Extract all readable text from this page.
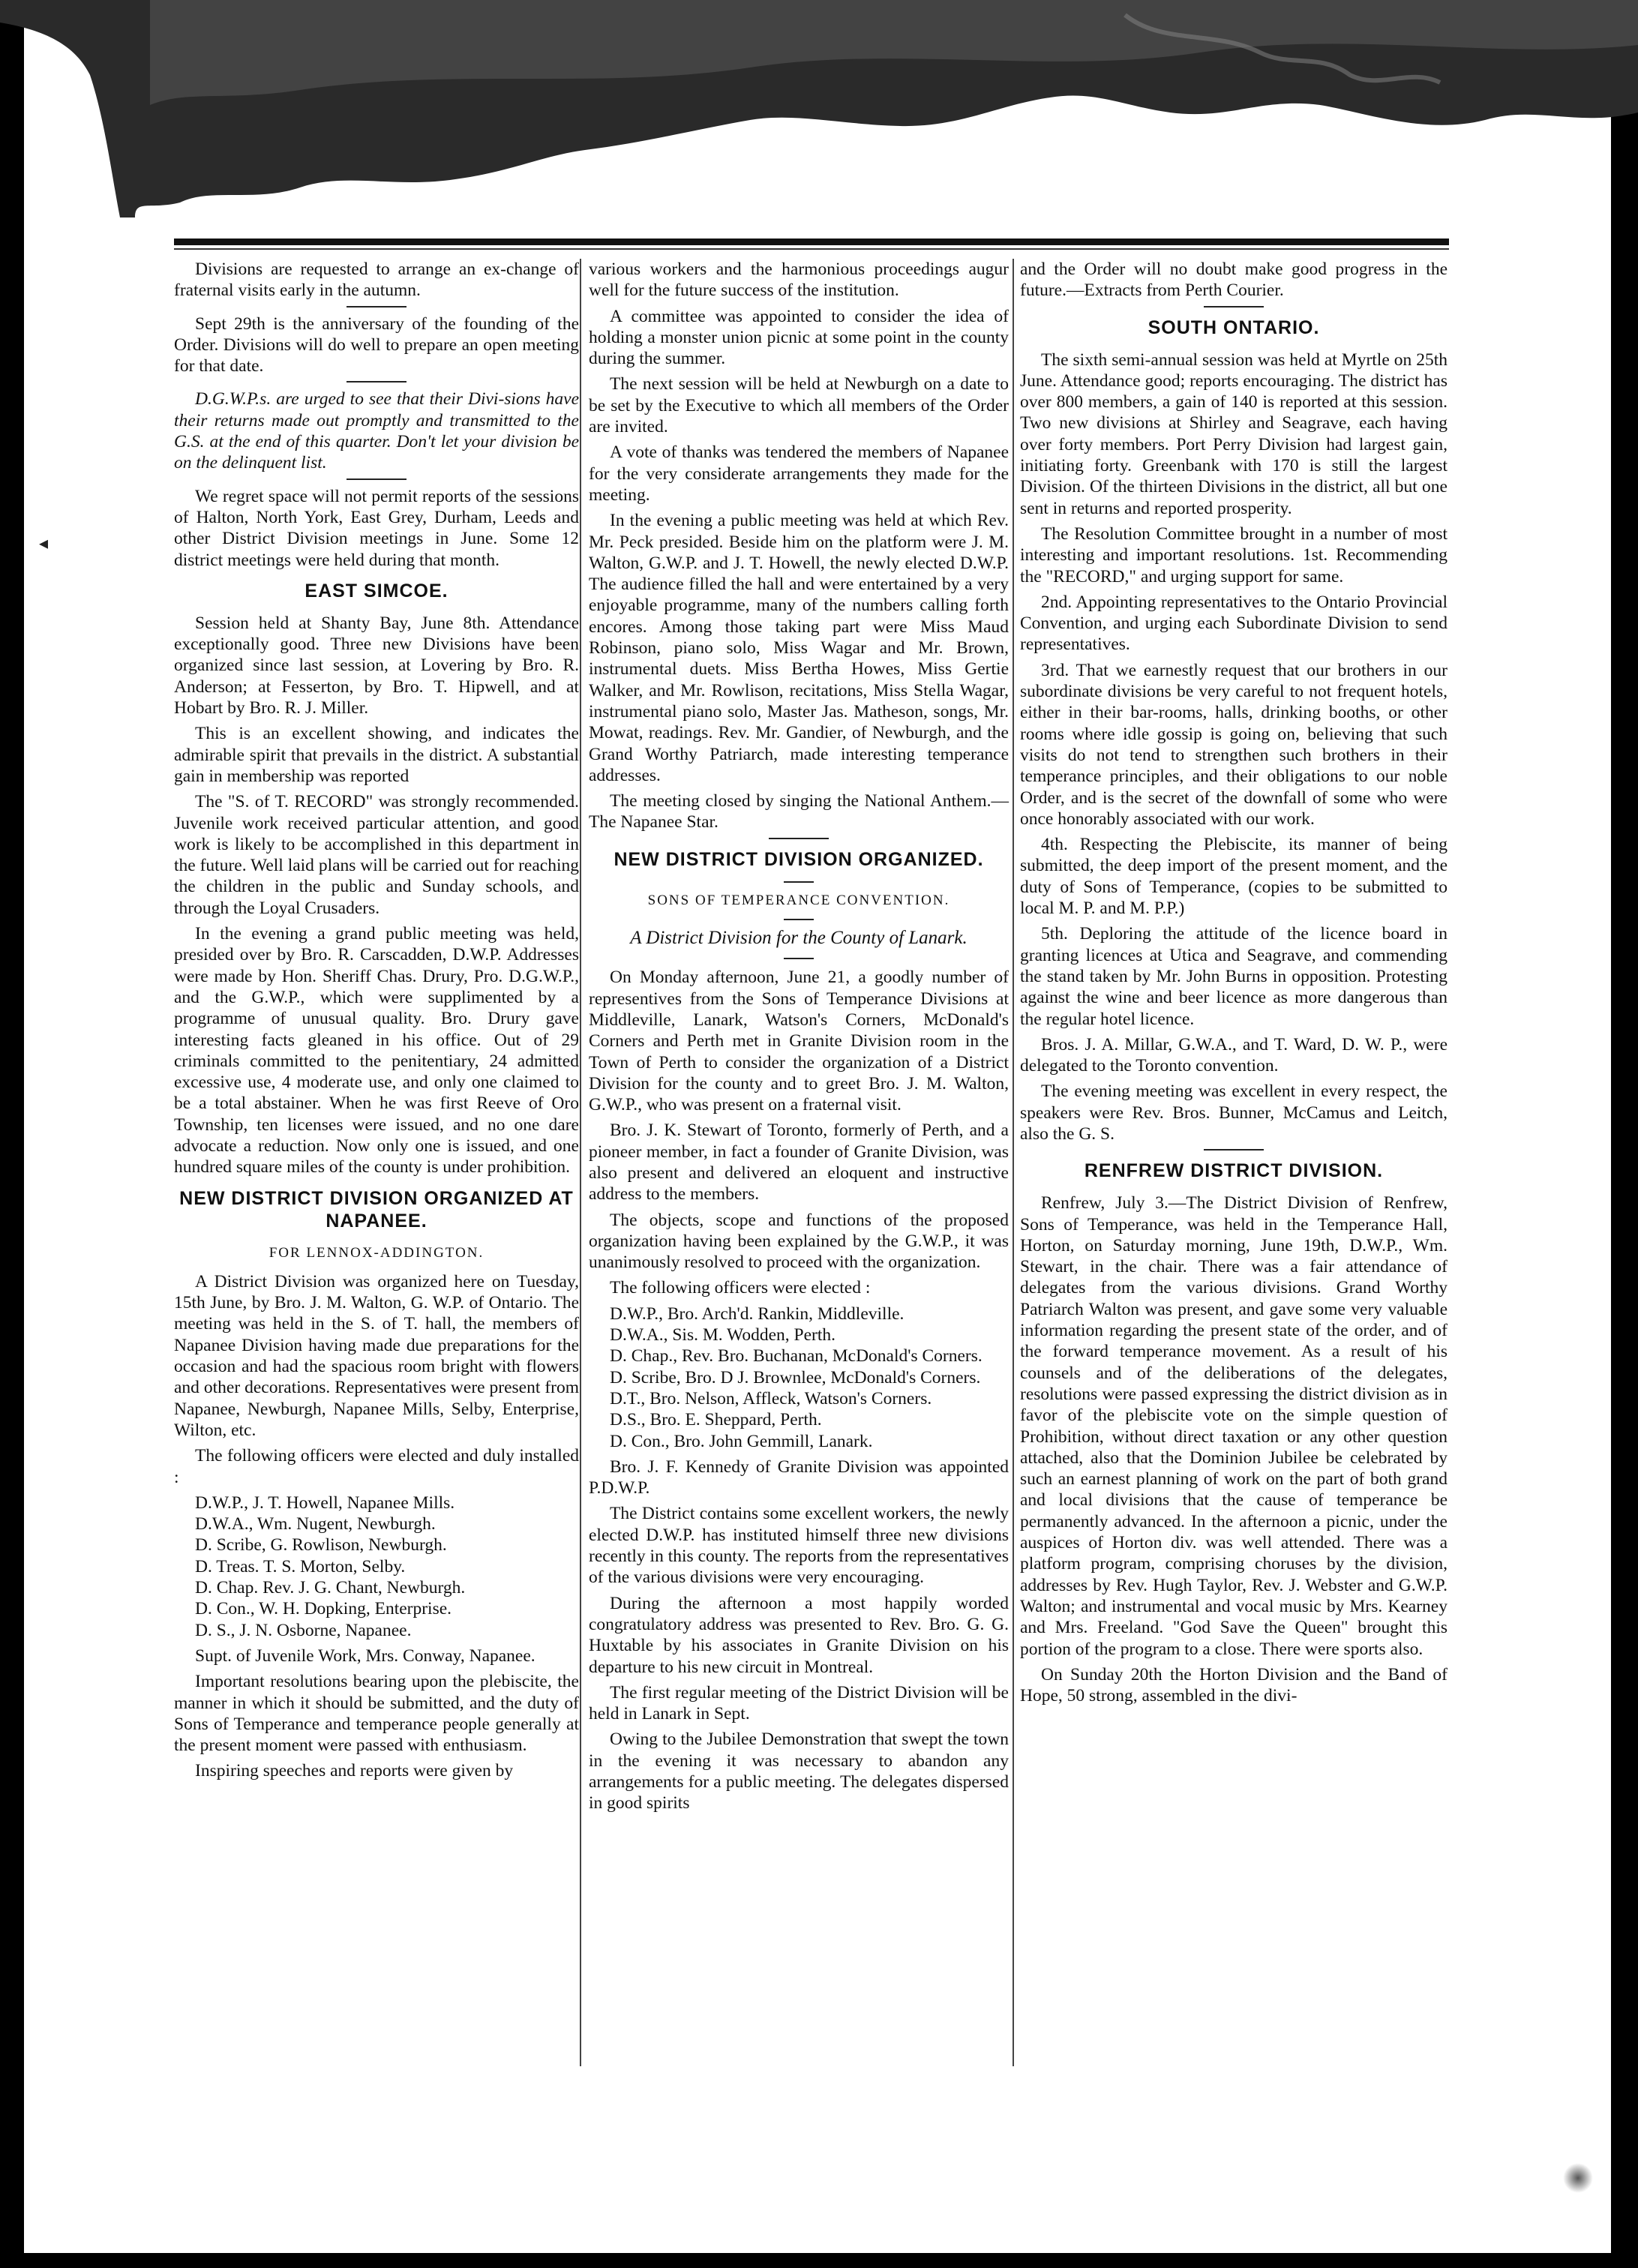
◂

Divisions are requested to arrange an ex-change of fraternal visits early in the autumn.

Sept 29th is the anniversary of the founding of the Order. Divisions will do well to prepare an open meeting for that date.

D.G.W.P.s. are urged to see that their Divi-sions have their returns made out promptly and transmitted to the G.S. at the end of this quarter. Don't let your division be on the delinquent list.

We regret space will not permit reports of the sessions of Halton, North York, East Grey, Durham, Leeds and other District Division meetings in June. Some 12 district meetings were held during that month.

EAST SIMCOE.

Session held at Shanty Bay, June 8th. Attendance exceptionally good. Three new Divisions have been organized since last session, at Lovering by Bro. R. Anderson; at Fesserton, by Bro. T. Hipwell, and at Hobart by Bro. R. J. Miller.

This is an excellent showing, and indicates the admirable spirit that prevails in the district. A substantial gain in membership was reported

The "S. of T. RECORD" was strongly recommended. Juvenile work received particular attention, and good work is likely to be accomplished in this department in the future. Well laid plans will be carried out for reaching the children in the public and Sunday schools, and through the Loyal Crusaders.

In the evening a grand public meeting was held, presided over by Bro. R. Carscadden, D.W.P. Addresses were made by Hon. Sheriff Chas. Drury, Pro. D.G.W.P., and the G.W.P., which were supplimented by a programme of unusual quality. Bro. Drury gave interesting facts gleaned in his office. Out of 29 criminals committed to the penitentiary, 24 admitted excessive use, 4 moderate use, and only one claimed to be a total abstainer. When he was first Reeve of Oro Township, ten licenses were issued, and no one dare advocate a reduction. Now only one is issued, and one hundred square miles of the county is under prohibition.

NEW DISTRICT DIVISION ORGANIZED AT NAPANEE.
FOR LENNOX-ADDINGTON.

A District Division was organized here on Tuesday, 15th June, by Bro. J. M. Walton, G. W.P. of Ontario. The meeting was held in the S. of T. hall, the members of Napanee Division having made due preparations for the occasion and had the spacious room bright with flowers and other decorations. Representatives were present from Napanee, Newburgh, Napanee Mills, Selby, Enterprise, Wilton, etc.

The following officers were elected and duly installed :

D.W.P., J. T. Howell, Napanee Mills.
D.W.A., Wm. Nugent, Newburgh.
D. Scribe, G. Rowlison, Newburgh.
D. Treas. T. S. Morton, Selby.
D. Chap. Rev. J. G. Chant, Newburgh.
D. Con., W. H. Dopking, Enterprise.
D. S., J. N. Osborne, Napanee.

Supt. of Juvenile Work, Mrs. Conway, Napanee.

Important resolutions bearing upon the plebiscite, the manner in which it should be submitted, and the duty of Sons of Temperance and temperance people generally at the present moment were passed with enthusiasm.

Inspiring speeches and reports were given by

various workers and the harmonious proceedings augur well for the future success of the institution.

A committee was appointed to consider the idea of holding a monster union picnic at some point in the county during the summer.

The next session will be held at Newburgh on a date to be set by the Executive to which all members of the Order are invited.

A vote of thanks was tendered the members of Napanee for the very considerate arrangements they made for the meeting.

In the evening a public meeting was held at which Rev. Mr. Peck presided. Beside him on the platform were J. M. Walton, G.W.P. and J. T. Howell, the newly elected D.W.P. The audience filled the hall and were entertained by a very enjoyable programme, many of the numbers calling forth encores. Among those taking part were Miss Maud Robinson, piano solo, Miss Wagar and Mr. Brown, instrumental duets. Miss Bertha Howes, Miss Gertie Walker, and Mr. Rowlison, recitations, Miss Stella Wagar, instrumental piano solo, Master Jas. Matheson, songs, Mr. Mowat, readings. Rev. Mr. Gandier, of Newburgh, and the Grand Worthy Patriarch, made interesting temperance addresses.

The meeting closed by singing the National Anthem.—The Napanee Star.

NEW DISTRICT DIVISION ORGANIZED.
SONS OF TEMPERANCE CONVENTION.
A District Division for the County of Lanark.

On Monday afternoon, June 21, a goodly number of representives from the Sons of Temperance Divisions at Middleville, Lanark, Watson's Corners, McDonald's Corners and Perth met in Granite Division room in the Town of Perth to consider the organization of a District Division for the county and to greet Bro. J. M. Walton, G.W.P., who was present on a fraternal visit.

Bro. J. K. Stewart of Toronto, formerly of Perth, and a pioneer member, in fact a founder of Granite Division, was also present and delivered an eloquent and instructive address to the members.

The objects, scope and functions of the proposed organization having been explained by the G.W.P., it was unanimously resolved to proceed with the organization.

The following officers were elected :

D.W.P., Bro. Arch'd. Rankin, Middleville.
D.W.A., Sis. M. Wodden, Perth.
D. Chap., Rev. Bro. Buchanan, McDonald's Corners.
D. Scribe, Bro. D J. Brownlee, McDonald's Corners.
D.T., Bro. Nelson, Affleck, Watson's Corners.
D.S., Bro. E. Sheppard, Perth.
D. Con., Bro. John Gemmill, Lanark.

Bro. J. F. Kennedy of Granite Division was appointed P.D.W.P.

The District contains some excellent workers, the newly elected D.W.P. has instituted himself three new divisions recently in this county. The reports from the representatives of the various divisions were very encouraging.

During the afternoon a most happily worded congratulatory address was presented to Rev. Bro. G. G. Huxtable by his associates in Granite Division on his departure to his new circuit in Montreal.

The first regular meeting of the District Division will be held in Lanark in Sept.

Owing to the Jubilee Demonstration that swept the town in the evening it was necessary to abandon any arrangements for a public meeting. The delegates dispersed in good spirits

and the Order will no doubt make good progress in the future.—Extracts from Perth Courier.

SOUTH ONTARIO.

The sixth semi-annual session was held at Myrtle on 25th June. Attendance good; reports encouraging. The district has over 800 members, a gain of 140 is reported at this session. Two new divisions at Shirley and Seagrave, each having over forty members. Port Perry Division had largest gain, initiating forty. Greenbank with 170 is still the largest Division. Of the thirteen Divisions in the district, all but one sent in returns and reported prosperity.

The Resolution Committee brought in a number of most interesting and important resolutions. 1st. Recommending the "RECORD," and urging support for same.

2nd. Appointing representatives to the Ontario Provincial Convention, and urging each Subordinate Division to send representatives.

3rd. That we earnestly request that our brothers in our subordinate divisions be very careful to not frequent hotels, either in their bar-rooms, halls, drinking booths, or other rooms where idle gossip is going on, believing that such visits do not tend to strengthen such brothers in their temperance principles, and their obligations to our noble Order, and is the secret of the downfall of some who were once honorably associated with our work.

4th. Respecting the Plebiscite, its manner of being submitted, the deep import of the present moment, and the duty of Sons of Temperance, (copies to be submitted to local M. P. and M. P.P.)

5th. Deploring the attitude of the licence board in granting licences at Utica and Seagrave, and commending the stand taken by Mr. John Burns in opposition. Protesting against the wine and beer licence as more dangerous than the regular hotel licence.

Bros. J. A. Millar, G.W.A., and T. Ward, D. W. P., were delegated to the Toronto convention.

The evening meeting was excellent in every respect, the speakers were Rev. Bros. Bunner, McCamus and Leitch, also the G. S.

RENFREW DISTRICT DIVISION.

Renfrew, July 3.—The District Division of Renfrew, Sons of Temperance, was held in the Temperance Hall, Horton, on Saturday morning, June 19th, D.W.P., Wm. Stewart, in the chair. There was a fair attendance of delegates from the various divisions. Grand Worthy Patriarch Walton was present, and gave some very valuable information regarding the present state of the order, and of the forward temperance movement. As a result of his counsels and of the deliberations of the delegates, resolutions were passed expressing the district division as in favor of the plebiscite vote on the simple question of Prohibition, without direct taxation or any other question attached, also that the Dominion Jubilee be celebrated by such an earnest planning of work on the part of both grand and local divisions that the cause of temperance be permanently advanced. In the afternoon a picnic, under the auspices of Horton div. was well attended. There was a platform program, comprising choruses by the division, addresses by Rev. Hugh Taylor, Rev. J. Webster and G.W.P. Walton; and instrumental and vocal music by Mrs. Kearney and Mrs. Freeland. "God Save the Queen" brought this portion of the program to a close. There were sports also.

On Sunday 20th the Horton Division and the Band of Hope, 50 strong, assembled in the divi-
